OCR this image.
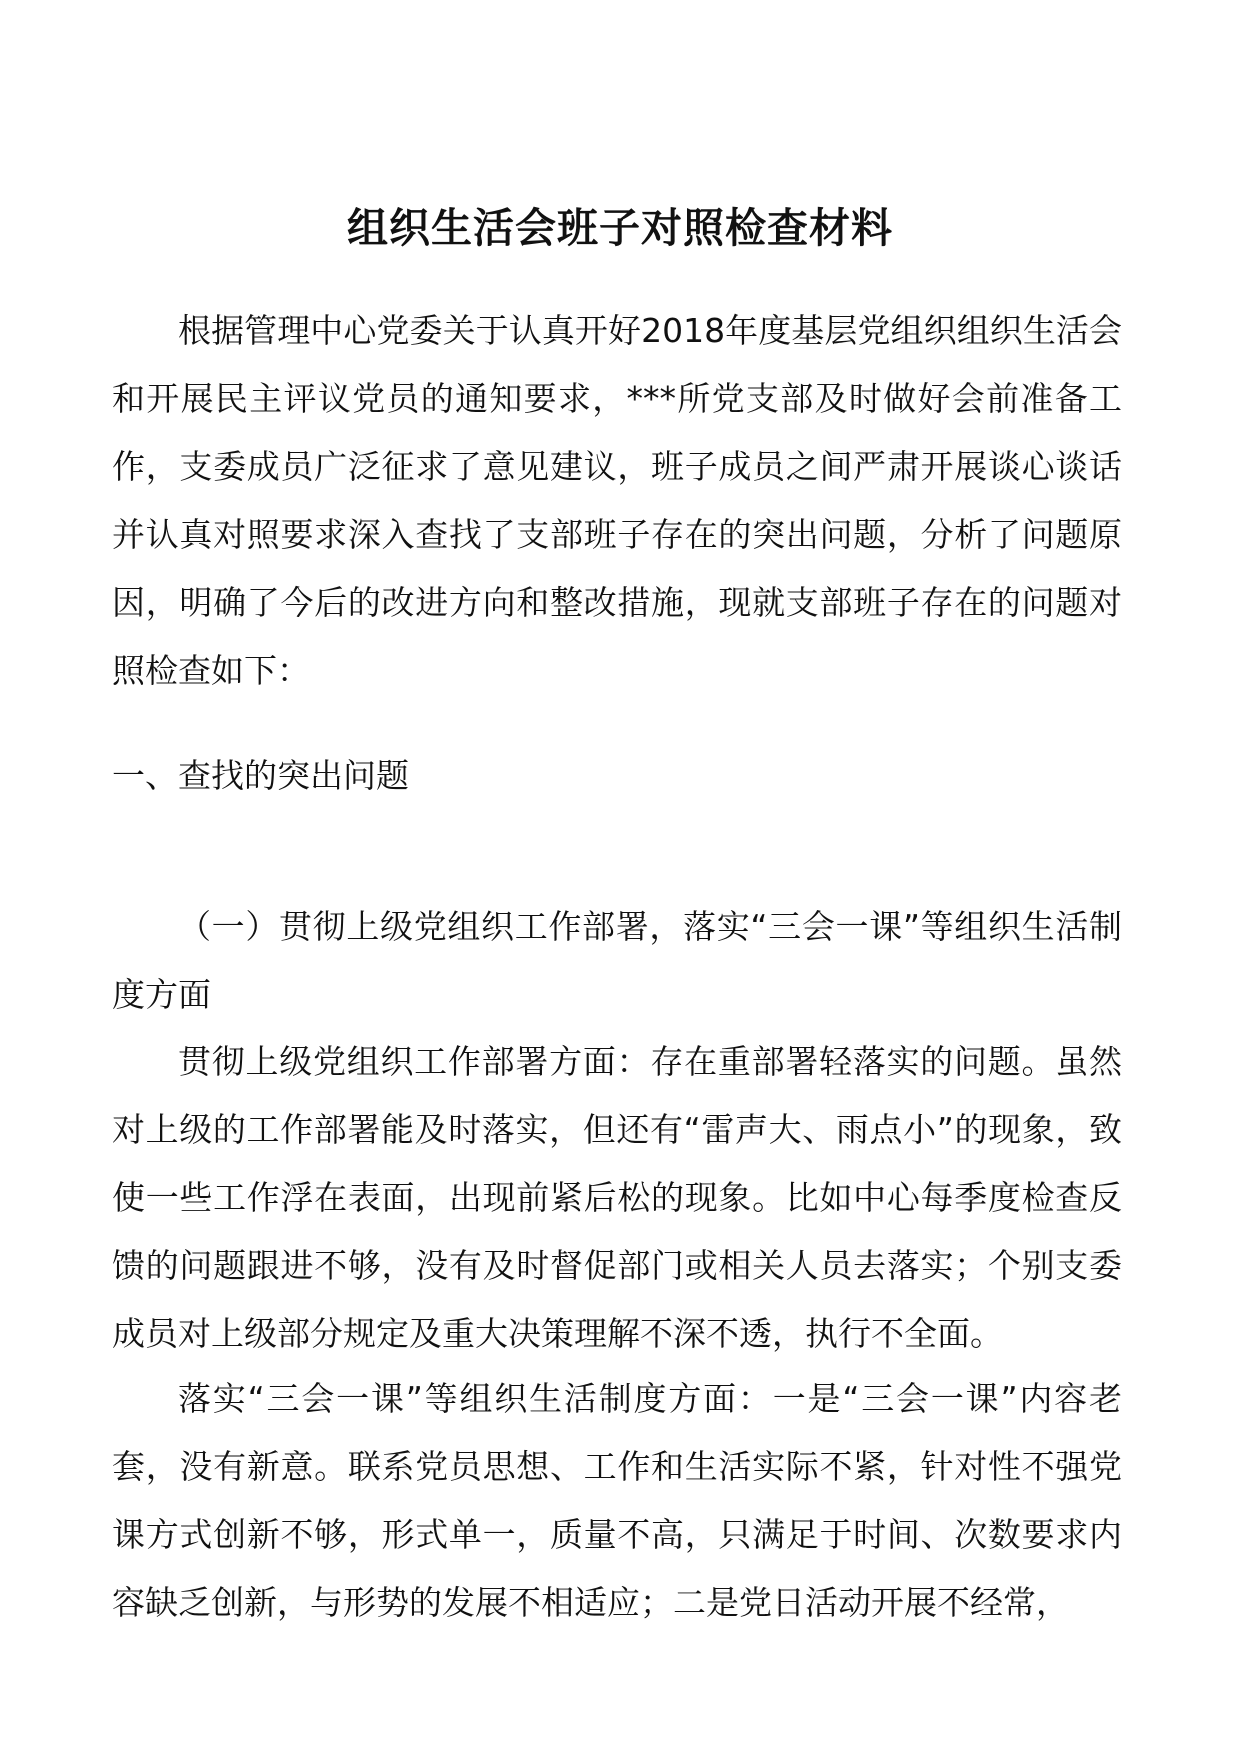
组织生活会班子对照检查材料
根据管理中心党委关于认真开好2018年度基层党组织组织生活会和开展民主评议党员的通知要求，***所党支部及时做好会前准备工作，支委成员广泛征求了意见建议，班子成员之间严肃开展谈心谈话并认真对照要求深入查找了支部班子存在的突出问题，分析了问题原因，明确了今后的改进方向和整改措施，现就支部班子存在的问题对照检查如下：
一、查找的突出问题
（一）贯彻上级党组织工作部署，落实“三会一课”等组织生活制度方面
贯彻上级党组织工作部署方面：存在重部署轻落实的问题。虽然对上级的工作部署能及时落实，但还有“雷声大、雨点小”的现象，致使一些工作浮在表面，出现前紧后松的现象。比如中心每季度检查反馈的问题跟进不够，没有及时督促部门或相关人员去落实；个别支委成员对上级部分规定及重大决策理解不深不透，执行不全面。
落实“三会一课”等组织生活制度方面：一是“三会一课”内容老套，没有新意。联系党员思想、工作和生活实际不紧，针对性不强党课方式创新不够，形式单一，质量不高，只满足于时间、次数要求内容缺乏创新，与形势的发展不相适应；二是党日活动开展不经常，
